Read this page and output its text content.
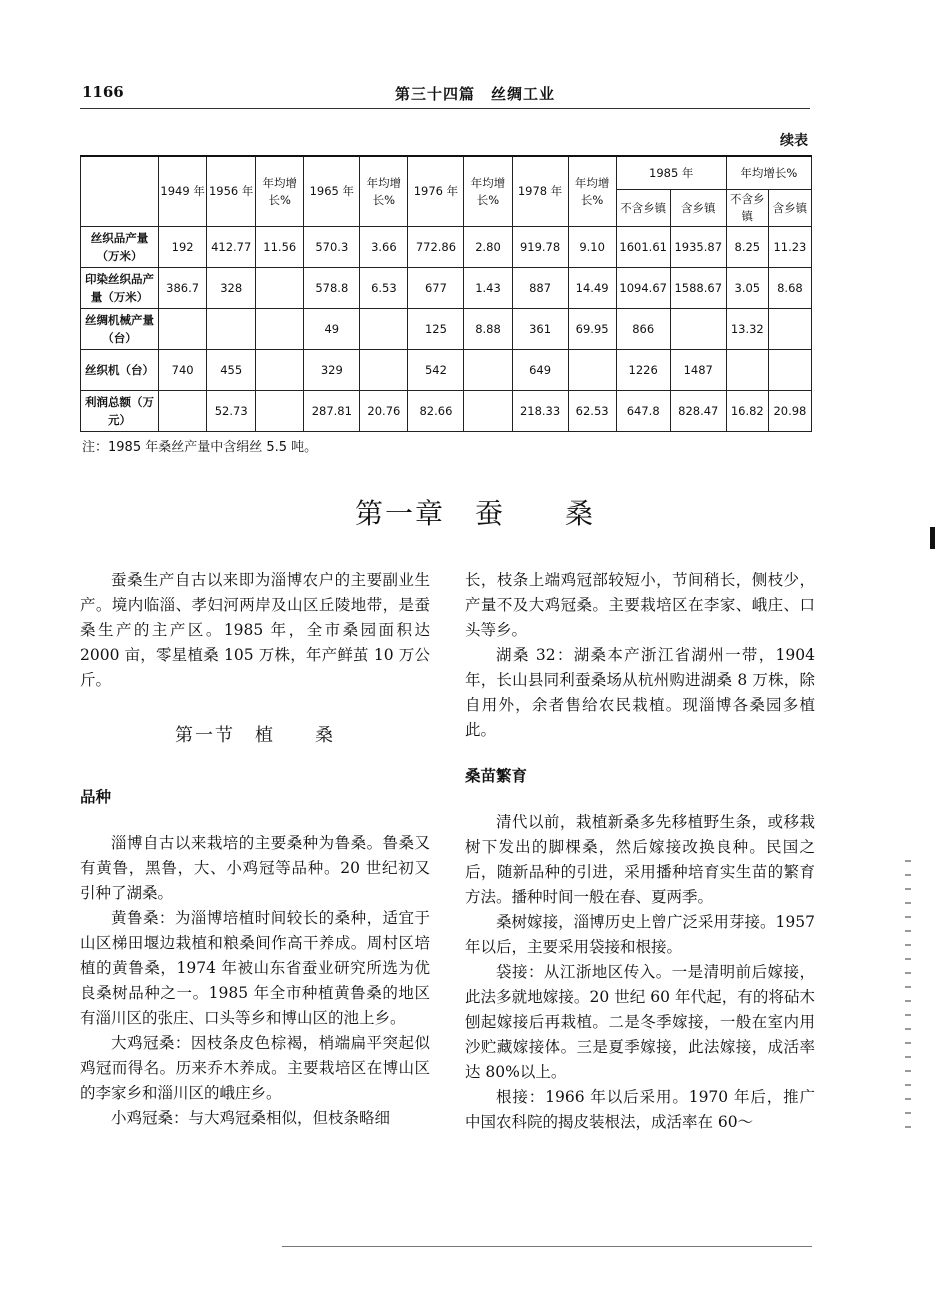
1166	第三十四篇　丝绸工业
续表
	1949 年	1956 年	年均增长%	1965 年	年均增长%	1976 年	年均增长%	1978 年	年均增长%	1985 年		年均增长%	
										不含乡镇	含乡镇	不含乡镇	含乡镇
丝织品产量（万米）	192	412.77	11.56	570.3	3.66	772.86	2.80	919.78	9.10	1601.61	1935.87	8.25	11.23
印染丝织品产量（万米）	386.7	328		578.8	6.53	677	1.43	887	14.49	1094.67	1588.67	3.05	8.68
丝绸机械产量（台）				49		125	8.88	361	69.95	866		13.32	
丝织机（台）	740	455		329		542		649		1226	1487		
利润总额（万元）		52.73		287.81	20.76	82.66		218.33	62.53	647.8	828.47	16.82	20.98
注：1985 年桑丝产量中含绢丝 5.5 吨。
第一章　蚕　　桑

蚕桑生产自古以来即为淄博农户的主要副业生产。境内临淄、孝妇河两岸及山区丘陵地带，是蚕桑生产的主产区。1985 年，全市桑园面积达 2000 亩，零星植桑 105 万株，年产鲜茧 10 万公斤。

第一节　植　　桑
品种

淄博自古以来栽培的主要桑种为鲁桑。鲁桑又有黄鲁，黑鲁，大、小鸡冠等品种。20 世纪初又引种了湖桑。

黄鲁桑：为淄博培植时间较长的桑种，适宜于山区梯田堰边栽植和粮桑间作高干养成。周村区培植的黄鲁桑，1974 年被山东省蚕业研究所选为优良桑树品种之一。1985 年全市种植黄鲁桑的地区有淄川区的张庄、口头等乡和博山区的池上乡。

大鸡冠桑：因枝条皮色棕褐，梢端扁平突起似鸡冠而得名。历来乔木养成。主要栽培区在博山区的李家乡和淄川区的峨庄乡。

小鸡冠桑：与大鸡冠桑相似，但枝条略细

长，枝条上端鸡冠部较短小，节间稍长，侧枝少，产量不及大鸡冠桑。主要栽培区在李家、峨庄、口头等乡。

湖桑 32：湖桑本产浙江省湖州一带，1904 年，长山县同利蚕桑场从杭州购进湖桑 8 万株，除自用外，余者售给农民栽植。现淄博各桑园多植此。

桑苗繁育

清代以前，栽植新桑多先移植野生条，或移栽树下发出的脚棵桑，然后嫁接改换良种。民国之后，随新品种的引进，采用播种培育实生苗的繁育方法。播种时间一般在春、夏两季。

桑树嫁接，淄博历史上曾广泛采用芽接。1957 年以后，主要采用袋接和根接。

袋接：从江浙地区传入。一是清明前后嫁接，此法多就地嫁接。20 世纪 60 年代起，有的将砧木刨起嫁接后再栽植。二是冬季嫁接，一般在室内用沙贮藏嫁接体。三是夏季嫁接，此法嫁接，成活率达 80%以上。

根接：1966 年以后采用。1970 年后，推广中国农科院的揭皮装根法，成活率在 60～
